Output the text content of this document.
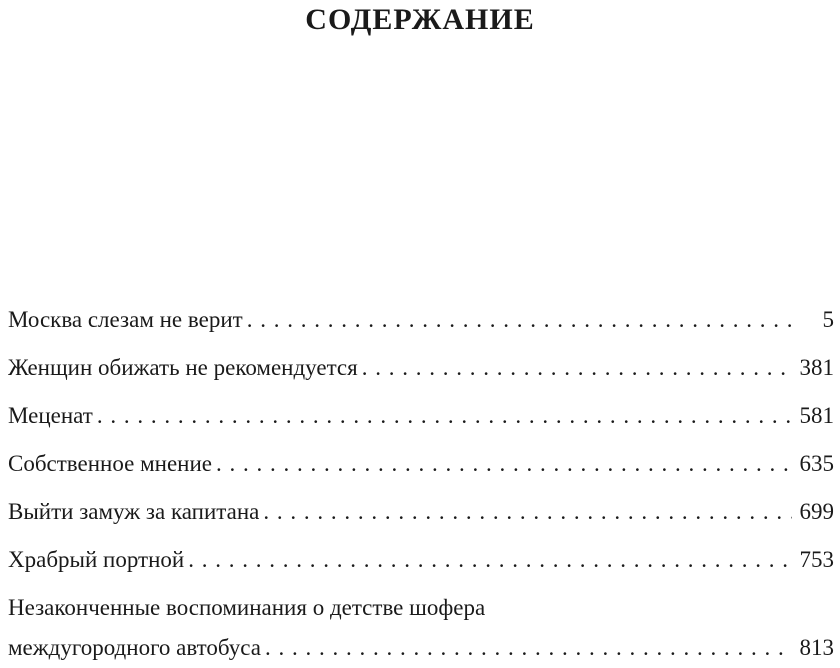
СОДЕРЖАНИЕ
Москва слезам не верит . . .	5
Женщин обижать не рекомендуется . . .	381
Меценат . . .	581
Собственное мнение . . .	635
Выйти замуж за капитана . . .	699
Храбрый портной . . .	753
Незаконченные воспоминания о детстве шофера
междугородного автобуса . . .	813
